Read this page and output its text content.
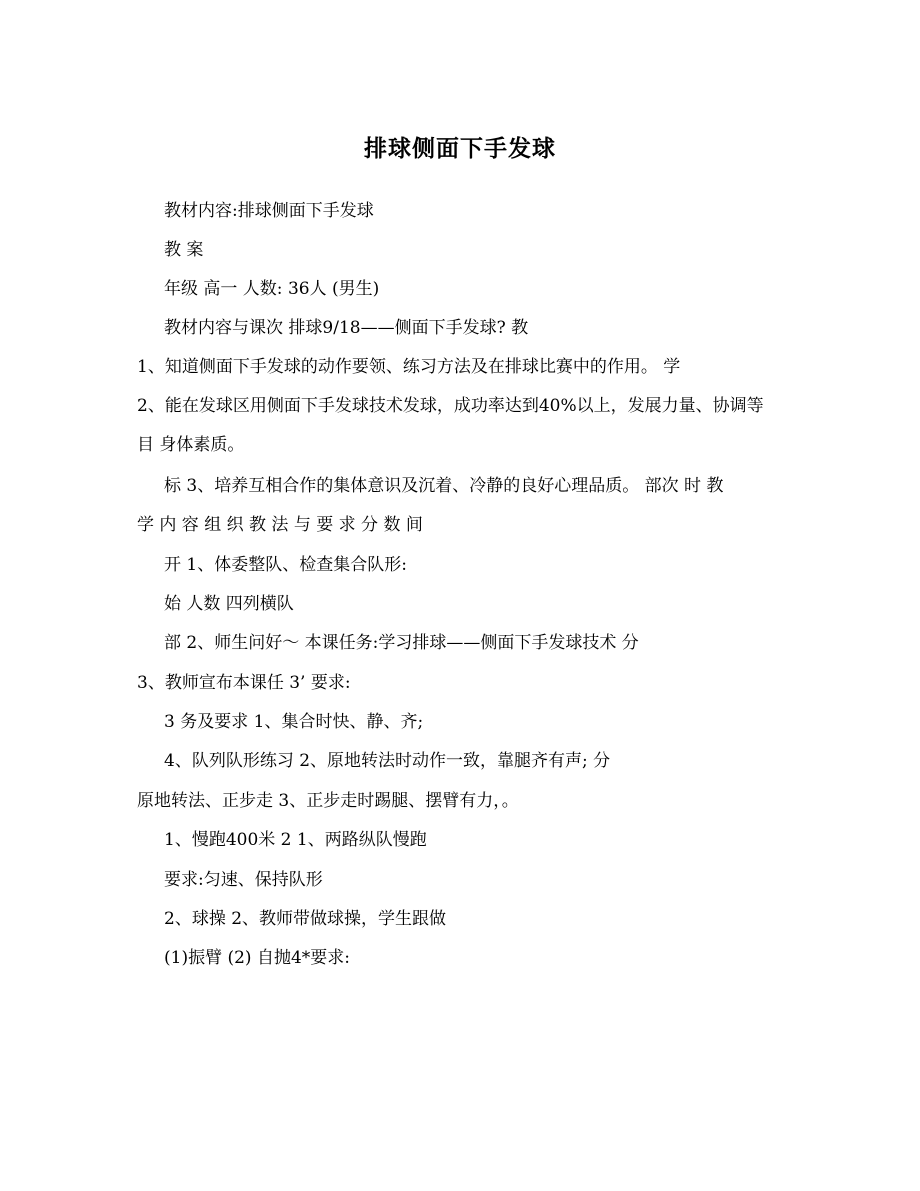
排球侧面下手发球
教材内容:排球侧面下手发球
教 案
年级 高一 人数: 36人 (男生)
教材内容与课次 排球9/18——侧面下手发球? 教
1、知道侧面下手发球的动作要领、练习方法及在排球比赛中的作用。 学
2、能在发球区用侧面下手发球技术发球，成功率达到40%以上，发展力量、协调等
目 身体素质。
标 3、培养互相合作的集体意识及沉着、冷静的良好心理品质。 部次 时 教
学 内 容 组 织 教 法 与 要 求 分 数 间
开 1、体委整队、检查集合队形:
始 人数 四列横队
部 2、师生问好～ 本课任务:学习排球——侧面下手发球技术 分
3、教师宣布本课任 3’ 要求:
3 务及要求 1、集合时快、静、齐;
4、队列队形练习 2、原地转法时动作一致，靠腿齐有声; 分
原地转法、正步走 3、正步走时踢腿、摆臂有力，。
1、慢跑400米 2 1、两路纵队慢跑
要求:匀速、保持队形
2、球操 2、教师带做球操，学生跟做
(1)振臂 (2) 自抛4*要求:
